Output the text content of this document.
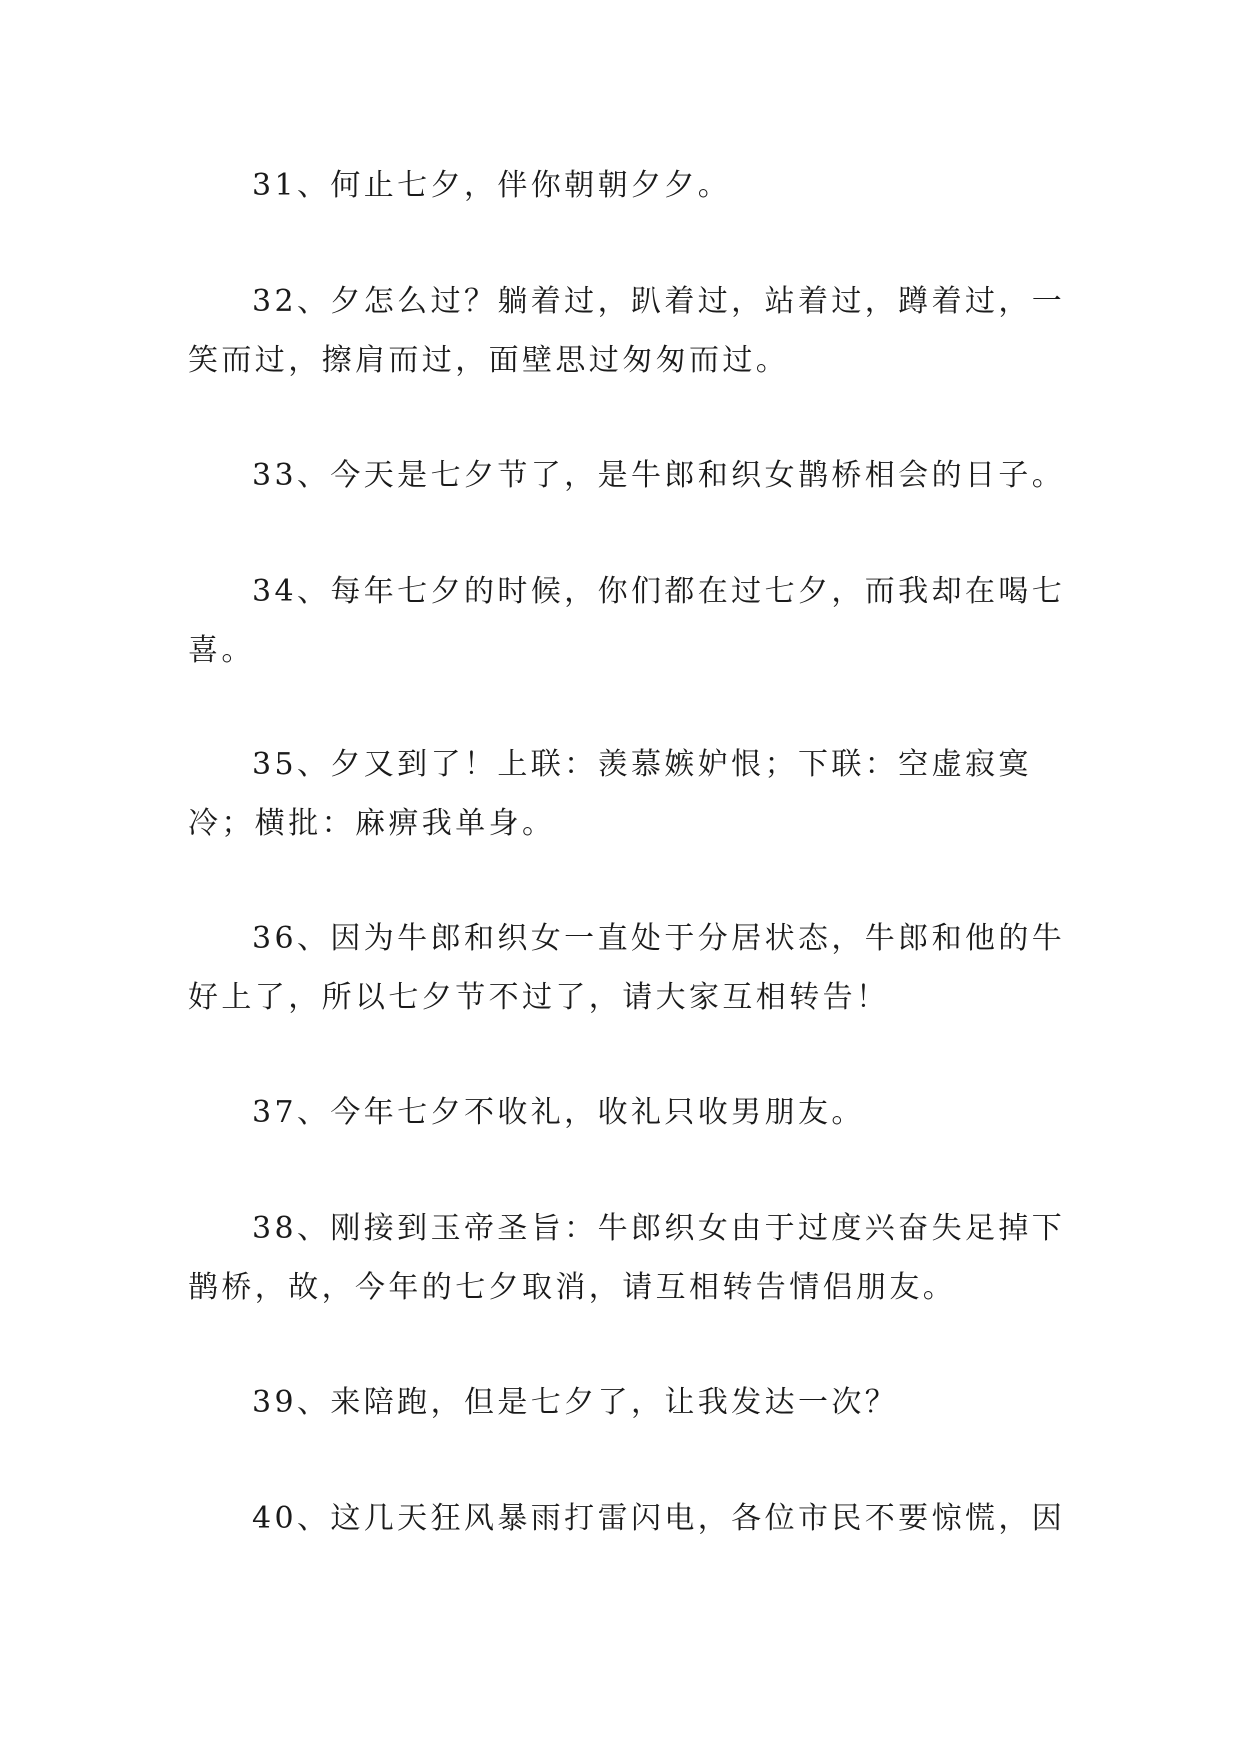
31、何止七夕，伴你朝朝夕夕。

32、夕怎么过？躺着过，趴着过，站着过，蹲着过，一笑而过，擦肩而过，面壁思过匆匆而过。

33、今天是七夕节了，是牛郎和织女鹊桥相会的日子。

34、每年七夕的时候，你们都在过七夕，而我却在喝七喜。

35、夕又到了！上联：羡慕嫉妒恨；下联：空虚寂寞冷；横批：麻痹我单身。

36、因为牛郎和织女一直处于分居状态，牛郎和他的牛好上了，所以七夕节不过了，请大家互相转告！

37、今年七夕不收礼，收礼只收男朋友。

38、刚接到玉帝圣旨：牛郎织女由于过度兴奋失足掉下鹊桥，故，今年的七夕取消，请互相转告情侣朋友。

39、来陪跑，但是七夕了，让我发达一次？

40、这几天狂风暴雨打雷闪电，各位市民不要惊慌，因
